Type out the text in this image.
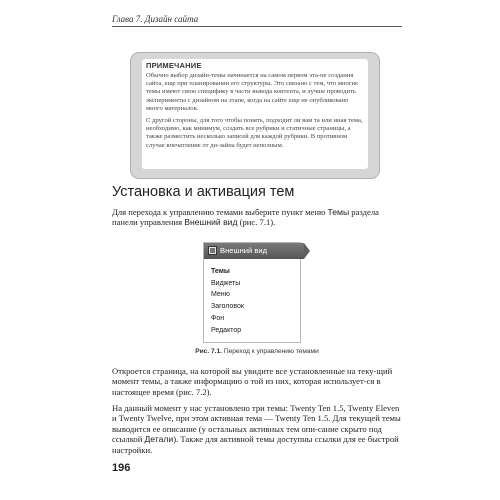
Глава 7. Дизайн сайта
ПРИМЕЧАНИЕ

Обычно выбор дизайн-темы начинается на самом первом эта-пе создания сайта, еще при планировании его структуры. Это связано с тем, что многие темы имеют свою специфику в части вывода контента, и лучше проводить эксперименты с дизайном на этапе, когда на сайте еще не опубликовано много материалов.

С другой стороны, для того чтобы понять, подходит ли вам та или иная тема, необходимо, как минимум, создать все рубрики и статичные страницы, а также разместить несколько записей для каждой рубрики. В противном случае впечатление от ди-зайна будет неполным.

Установка и активация тем

Для перехода к управлению темами выберите пункт меню Темы раздела панели управления Внешний вид (рис. 7.1).

Внешний вид
Темы
Виджеты
Меню
Заголовок
Фон
Редактор

Рис. 7.1. Переход к управлению темами

Откроется страница, на которой вы увидите все установленные на теку-щий момент темы, а также информацию о той из них, которая использует-ся в настоящее время (рис. 7.2).

На данный момент у нас установлено три темы: Twenty Ten 1.5, Twenty Eleven и Twenty Twelve, при этом активная тема — Twenty Ten 1.5. Для текущей темы выводится ее описание (у остальных активных тем опи-сание скрыто под ссылкой Детали). Также для активной темы доступны ссылки для ее быстрой настройки.

196
